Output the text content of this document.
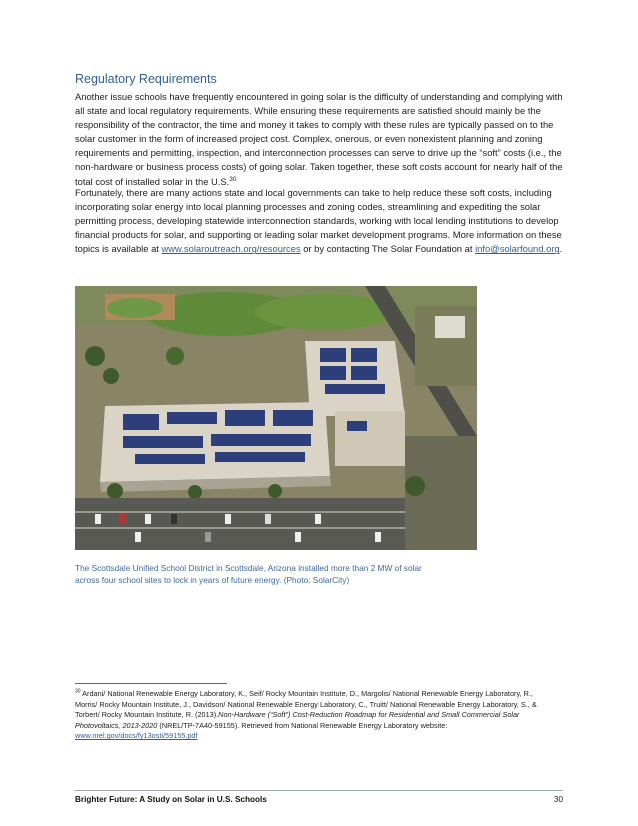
Regulatory Requirements

Another issue schools have frequently encountered in going solar is the difficulty of understanding and complying with all state and local regulatory requirements. While ensuring these requirements are satisfied should mainly be the responsibility of the contractor, the time and money it takes to comply with these rules are typically passed on to the solar customer in the form of increased project cost. Complex, onerous, or even nonexistent planning and zoning requirements and permitting, inspection, and interconnection processes can serve to drive up the “soft” costs (i.e., the non-hardware or business process costs) of going solar. Taken together, these soft costs account for nearly half of the total cost of installed solar in the U.S.$^{30}$

Fortunately, there are many actions state and local governments can take to help reduce these soft costs, including incorporating solar energy into local planning processes and zoning codes, streamlining and expediting the solar permitting process, developing statewide interconnection standards, working with local lending institutions to develop financial products for solar, and supporting or leading solar market development programs. More information on these topics is available at www.solaroutreach.org/resources or by contacting The Solar Foundation at info@solarfound.org.

The Scottsdale Unified School District in Scottsdale, Arizona installed more than 2 MW of solar
across four school sites to lock in years of future energy. (Photo: SolarCity)
$^{30}$ Ardani/ National Renewable Energy Laboratory, K., Seif/ Rocky Mountain Institute, D., Margolis/ National Renewable Energy Laboratory, R., Morris/ Rocky Mountain Institute, J., Davidson/ National Renewable Energy Laboratory, C., Truitt/ National Renewable Energy Laboratory, S., & Torbert/ Rocky Mountain Institute, R. (2013).Non-Hardware (“Soft”) Cost-Reduction Roadmap for Residential and Small Commercial Solar Photovoltaics, 2013-2020 (NREL/TP-7A40-59155). Retrieved from National Renewable Energy Laboratory website: www.nrel.gov/docs/fy13osti/59155.pdf
Brighter Future: A Study on Solar in U.S. Schools	30
